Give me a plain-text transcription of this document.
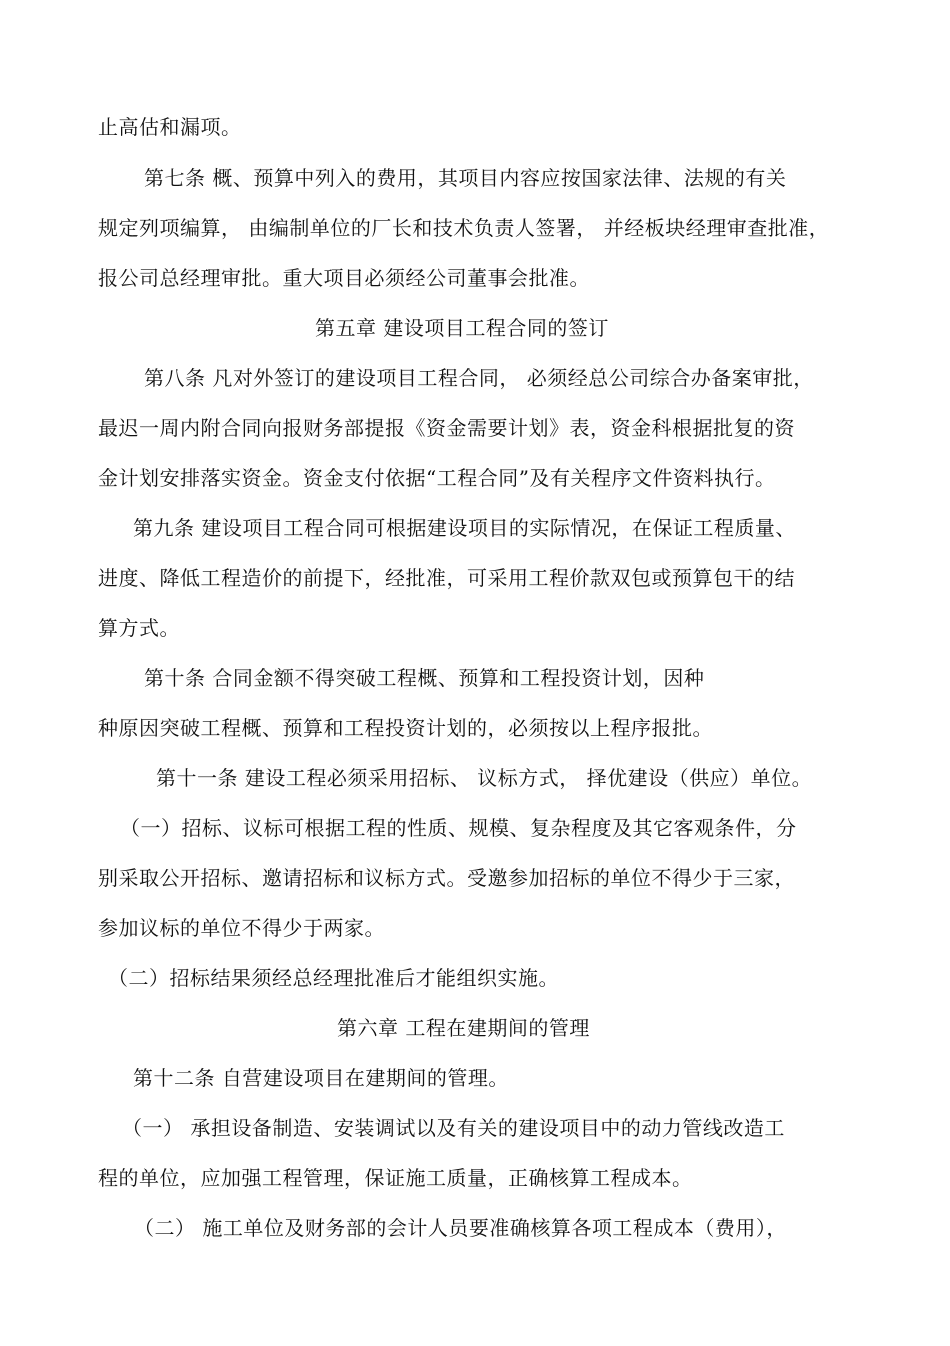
止高估和漏项。
第七条 概、预算中列入的费用，其项目内容应按国家法律、法规的有关
规定列项编算， 由编制单位的厂长和技术负责人签署， 并经板块经理审查批准，
报公司总经理审批。重大项目必须经公司董事会批准。
第五章 建设项目工程合同的签订
第八条 凡对外签订的建设项目工程合同， 必须经总公司综合办备案审批，
最迟一周内附合同向报财务部提报《资金需要计划》表，资金科根据批复的资
金计划安排落实资金。资金支付依据“工程合同”及有关程序文件资料执行。
第九条 建设项目工程合同可根据建设项目的实际情况，在保证工程质量、
进度、降低工程造价的前提下，经批准，可采用工程价款双包或预算包干的结
算方式。
第十条 合同金额不得突破工程概、预算和工程投资计划，因种
种原因突破工程概、预算和工程投资计划的，必须按以上程序报批。
第十一条 建设工程必须采用招标、 议标方式， 择优建设（供应）单位。
（一）招标、议标可根据工程的性质、规模、复杂程度及其它客观条件，分
别采取公开招标、邀请招标和议标方式。受邀参加招标的单位不得少于三家，
参加议标的单位不得少于两家。
（二）招标结果须经总经理批准后才能组织实施。
第六章 工程在建期间的管理
第十二条 自营建设项目在建期间的管理。
（一） 承担设备制造、安装调试以及有关的建设项目中的动力管线改造工
程的单位，应加强工程管理，保证施工质量，正确核算工程成本。
（二） 施工单位及财务部的会计人员要准确核算各项工程成本（费用），
